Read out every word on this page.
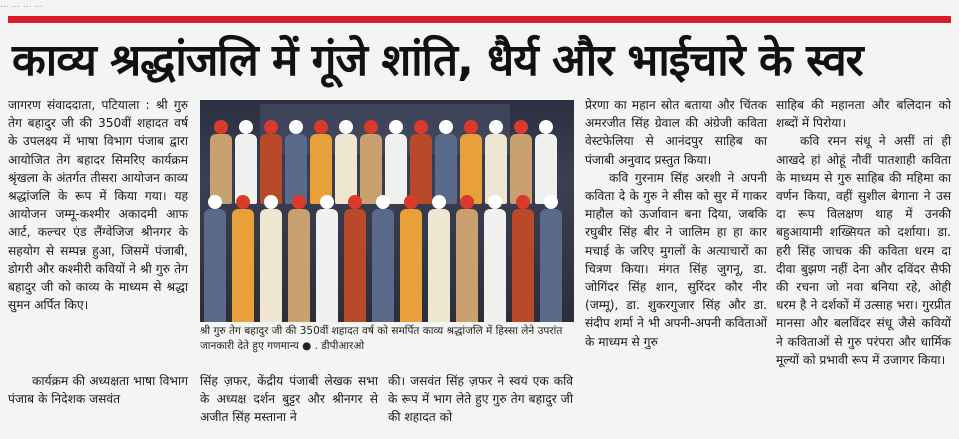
... ... ... ...
काव्य श्रद्धांजलि में गूंजे शांति, धैर्य और भाईचारे के स्वर

जागरण संवाददाता, पटियाला : श्री गुरु तेग बहादुर जी की 350वीं शहादत वर्ष के उपलक्ष्य में भाषा विभाग पंजाब द्वारा आयोजित तेग बहादर सिमरिए कार्यक्रम श्रृंखला के अंतर्गत तीसरा आयोजन काव्य श्रद्धांजलि के रूप में किया गया। यह आयोजन जम्मू-कश्मीर अकादमी आफ आर्ट, कल्चर एंड लैंग्वेजिज श्रीनगर के सहयोग से सम्पन्न हुआ, जिसमें पंजाबी, डोगरी और कश्मीरी कवियों ने श्री गुरु तेग बहादुर जी को काव्य के माध्यम से श्रद्धा सुमन अर्पित किए।

कार्यक्रम की अध्यक्षता भाषा विभाग पंजाब के निदेशक जसवंत

श्री गुरु तेग बहादुर जी की 350वीं शहादत वर्ष को समर्पित काव्य श्रद्धांजलि में हिस्सा लेने उपरांत जानकारी देते हुए गणमान्य ● . डीपीआरओ
सिंह ज़फर, केंद्रीय पंजाबी लेखक सभा के अध्यक्ष दर्शन बुट्टर और श्रीनगर से अजीत सिंह मस्ताना ने
की। जसवंत सिंह ज़फर ने स्वयं एक कवि के रूप में भाग लेते हुए गुरु तेग बहादुर जी की शहादत को

प्रेरणा का महान स्रोत बताया और चिंतक अमरजीत सिंह ग्रेवाल की अंग्रेजी कविता वेस्टफेलिया से आनंदपुर साहिब का पंजाबी अनुवाद प्रस्तुत किया।

कवि गुरनाम सिंह अरशी ने अपनी कविता दे के गुरु ने सीस को सुर में गाकर माहौल को ऊर्जावान बना दिया, जबकि रघुबीर सिंह बीर ने जालिम हा हा कार मचाई के जरिए मुगलों के अत्याचारों का चित्रण किया। मंगत सिंह जुगनू, डा. जोगिंदर सिंह शान, सुरिंदर कौर नीर (जम्मू), डा. शुकरगुजार सिंह और डा. संदीप शर्मा ने भी अपनी-अपनी कविताओं के माध्यम से गुरु

साहिब की महानता और बलिदान को शब्दों में पिरोया।

कवि रमन संधू ने असीं तां ही आखदे हां ओहूं नौवीं पातशाही कविता के माध्यम से गुरु साहिब की महिमा का वर्णन किया, वहीं सुशील बेगाना ने उस दा रूप विलक्षण थाह में उनकी बहुआयामी शख्सियत को दर्शाया। डा. हरी सिंह जाचक की कविता धरम दा दीवा बुझण नहीं देना और दविंदर सैफी की रचना जो नवा बनिया रहे, ओही धरम है ने दर्शकों में उत्साह भरा। गुरप्रीत मानसा और बलविंदर संधू जैसे कवियों ने कविताओं से गुरु परंपरा और धार्मिक मूल्यों को प्रभावी रूप में उजागर किया।
